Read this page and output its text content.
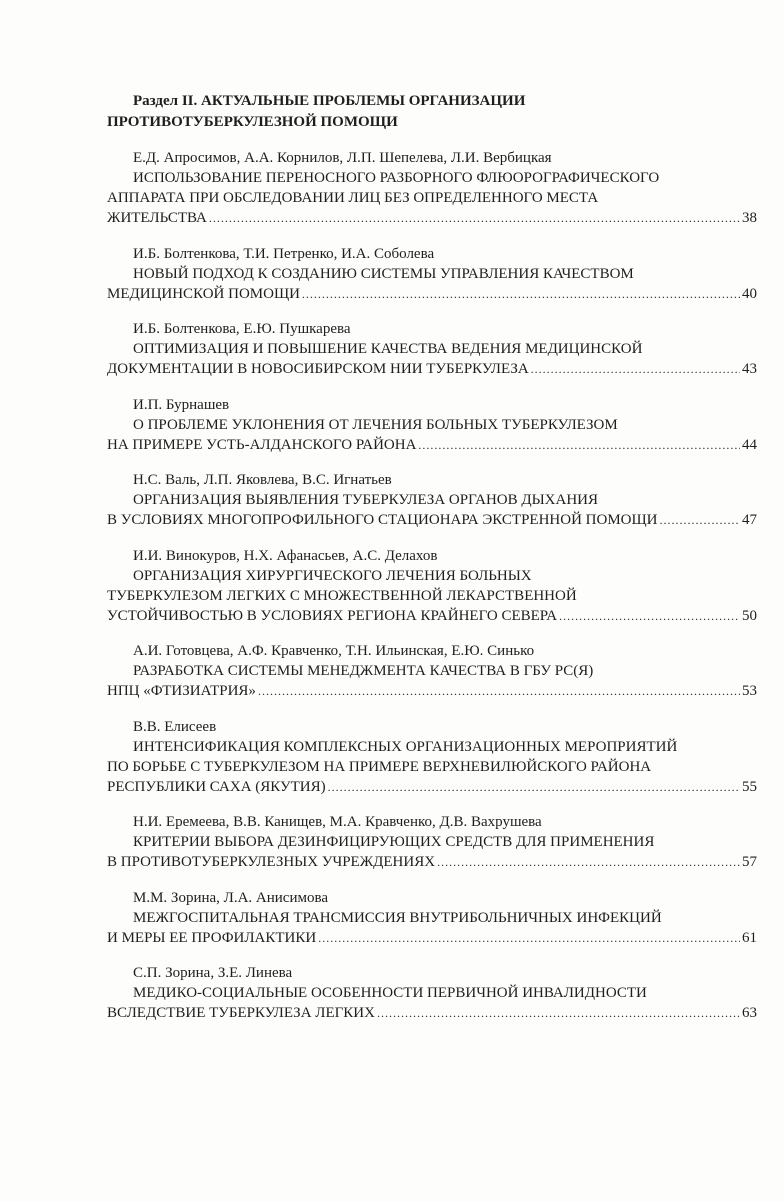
Раздел II. АКТУАЛЬНЫЕ ПРОБЛЕМЫ ОРГАНИЗАЦИИ
ПРОТИВОТУБЕРКУЛЕЗНОЙ ПОМОЩИ
Е.Д. Апросимов, А.А. Корнилов, Л.П. Шепелева, Л.И. Вербицкая
ИСПОЛЬЗОВАНИЕ ПЕРЕНОСНОГО РАЗБОРНОГО ФЛЮОРОГРАФИЧЕСКОГО
АППАРАТА ПРИ ОБСЛЕДОВАНИИ ЛИЦ БЕЗ ОПРЕДЕЛЕННОГО МЕСТА
ЖИТЕЛЬСТВА .....	38
И.Б. Болтенкова, Т.И. Петренко, И.А. Соболева
НОВЫЙ ПОДХОД К СОЗДАНИЮ СИСТЕМЫ УПРАВЛЕНИЯ КАЧЕСТВОМ
МЕДИЦИНСКОЙ ПОМОЩИ .....	40
И.Б. Болтенкова, Е.Ю. Пушкарева
ОПТИМИЗАЦИЯ И ПОВЫШЕНИЕ КАЧЕСТВА ВЕДЕНИЯ МЕДИЦИНСКОЙ
ДОКУМЕНТАЦИИ В НОВОСИБИРСКОМ НИИ ТУБЕРКУЛЕЗА .....	43
И.П. Бурнашев
О ПРОБЛЕМЕ УКЛОНЕНИЯ ОТ ЛЕЧЕНИЯ БОЛЬНЫХ ТУБЕРКУЛЕЗОМ
НА ПРИМЕРЕ УСТЬ-АЛДАНСКОГО РАЙОНА .....	44
Н.С. Валь, Л.П. Яковлева, В.С. Игнатьев
ОРГАНИЗАЦИЯ ВЫЯВЛЕНИЯ ТУБЕРКУЛЕЗА ОРГАНОВ ДЫХАНИЯ
В УСЛОВИЯХ МНОГОПРОФИЛЬНОГО СТАЦИОНАРА ЭКСТРЕННОЙ ПОМОЩИ .....	47
И.И. Винокуров, Н.Х. Афанасьев, А.С. Делахов
ОРГАНИЗАЦИЯ ХИРУРГИЧЕСКОГО ЛЕЧЕНИЯ БОЛЬНЫХ
ТУБЕРКУЛЕЗОМ ЛЕГКИХ С МНОЖЕСТВЕННОЙ ЛЕКАРСТВЕННОЙ
УСТОЙЧИВОСТЬЮ В УСЛОВИЯХ РЕГИОНА КРАЙНЕГО СЕВЕРА .....	50
А.И. Готовцева, А.Ф. Кравченко, Т.Н. Ильинская, Е.Ю. Синько
РАЗРАБОТКА СИСТЕМЫ МЕНЕДЖМЕНТА КАЧЕСТВА В ГБУ РС(Я)
НПЦ «ФТИЗИАТРИЯ» .....	53
В.В. Елисеев
ИНТЕНСИФИКАЦИЯ КОМПЛЕКСНЫХ ОРГАНИЗАЦИОННЫХ МЕРОПРИЯТИЙ
ПО БОРЬБЕ С ТУБЕРКУЛЕЗОМ НА ПРИМЕРЕ ВЕРХНЕВИЛЮЙСКОГО РАЙОНА
РЕСПУБЛИКИ САХА (ЯКУТИЯ) .....	55
Н.И. Еремеева, В.В. Канищев, М.А. Кравченко, Д.В. Вахрушева
КРИТЕРИИ ВЫБОРА ДЕЗИНФИЦИРУЮЩИХ СРЕДСТВ ДЛЯ ПРИМЕНЕНИЯ
В ПРОТИВОТУБЕРКУЛЕЗНЫХ УЧРЕЖДЕНИЯХ .....	57
М.М. Зорина, Л.А. Анисимова
МЕЖГОСПИТАЛЬНАЯ ТРАНСМИССИЯ ВНУТРИБОЛЬНИЧНЫХ ИНФЕКЦИЙ
И МЕРЫ ЕЕ ПРОФИЛАКТИКИ .....	61
С.П. Зорина, З.Е. Линева
МЕДИКО-СОЦИАЛЬНЫЕ ОСОБЕННОСТИ ПЕРВИЧНОЙ ИНВАЛИДНОСТИ
ВСЛЕДСТВИЕ ТУБЕРКУЛЕЗА ЛЕГКИХ .....	63
